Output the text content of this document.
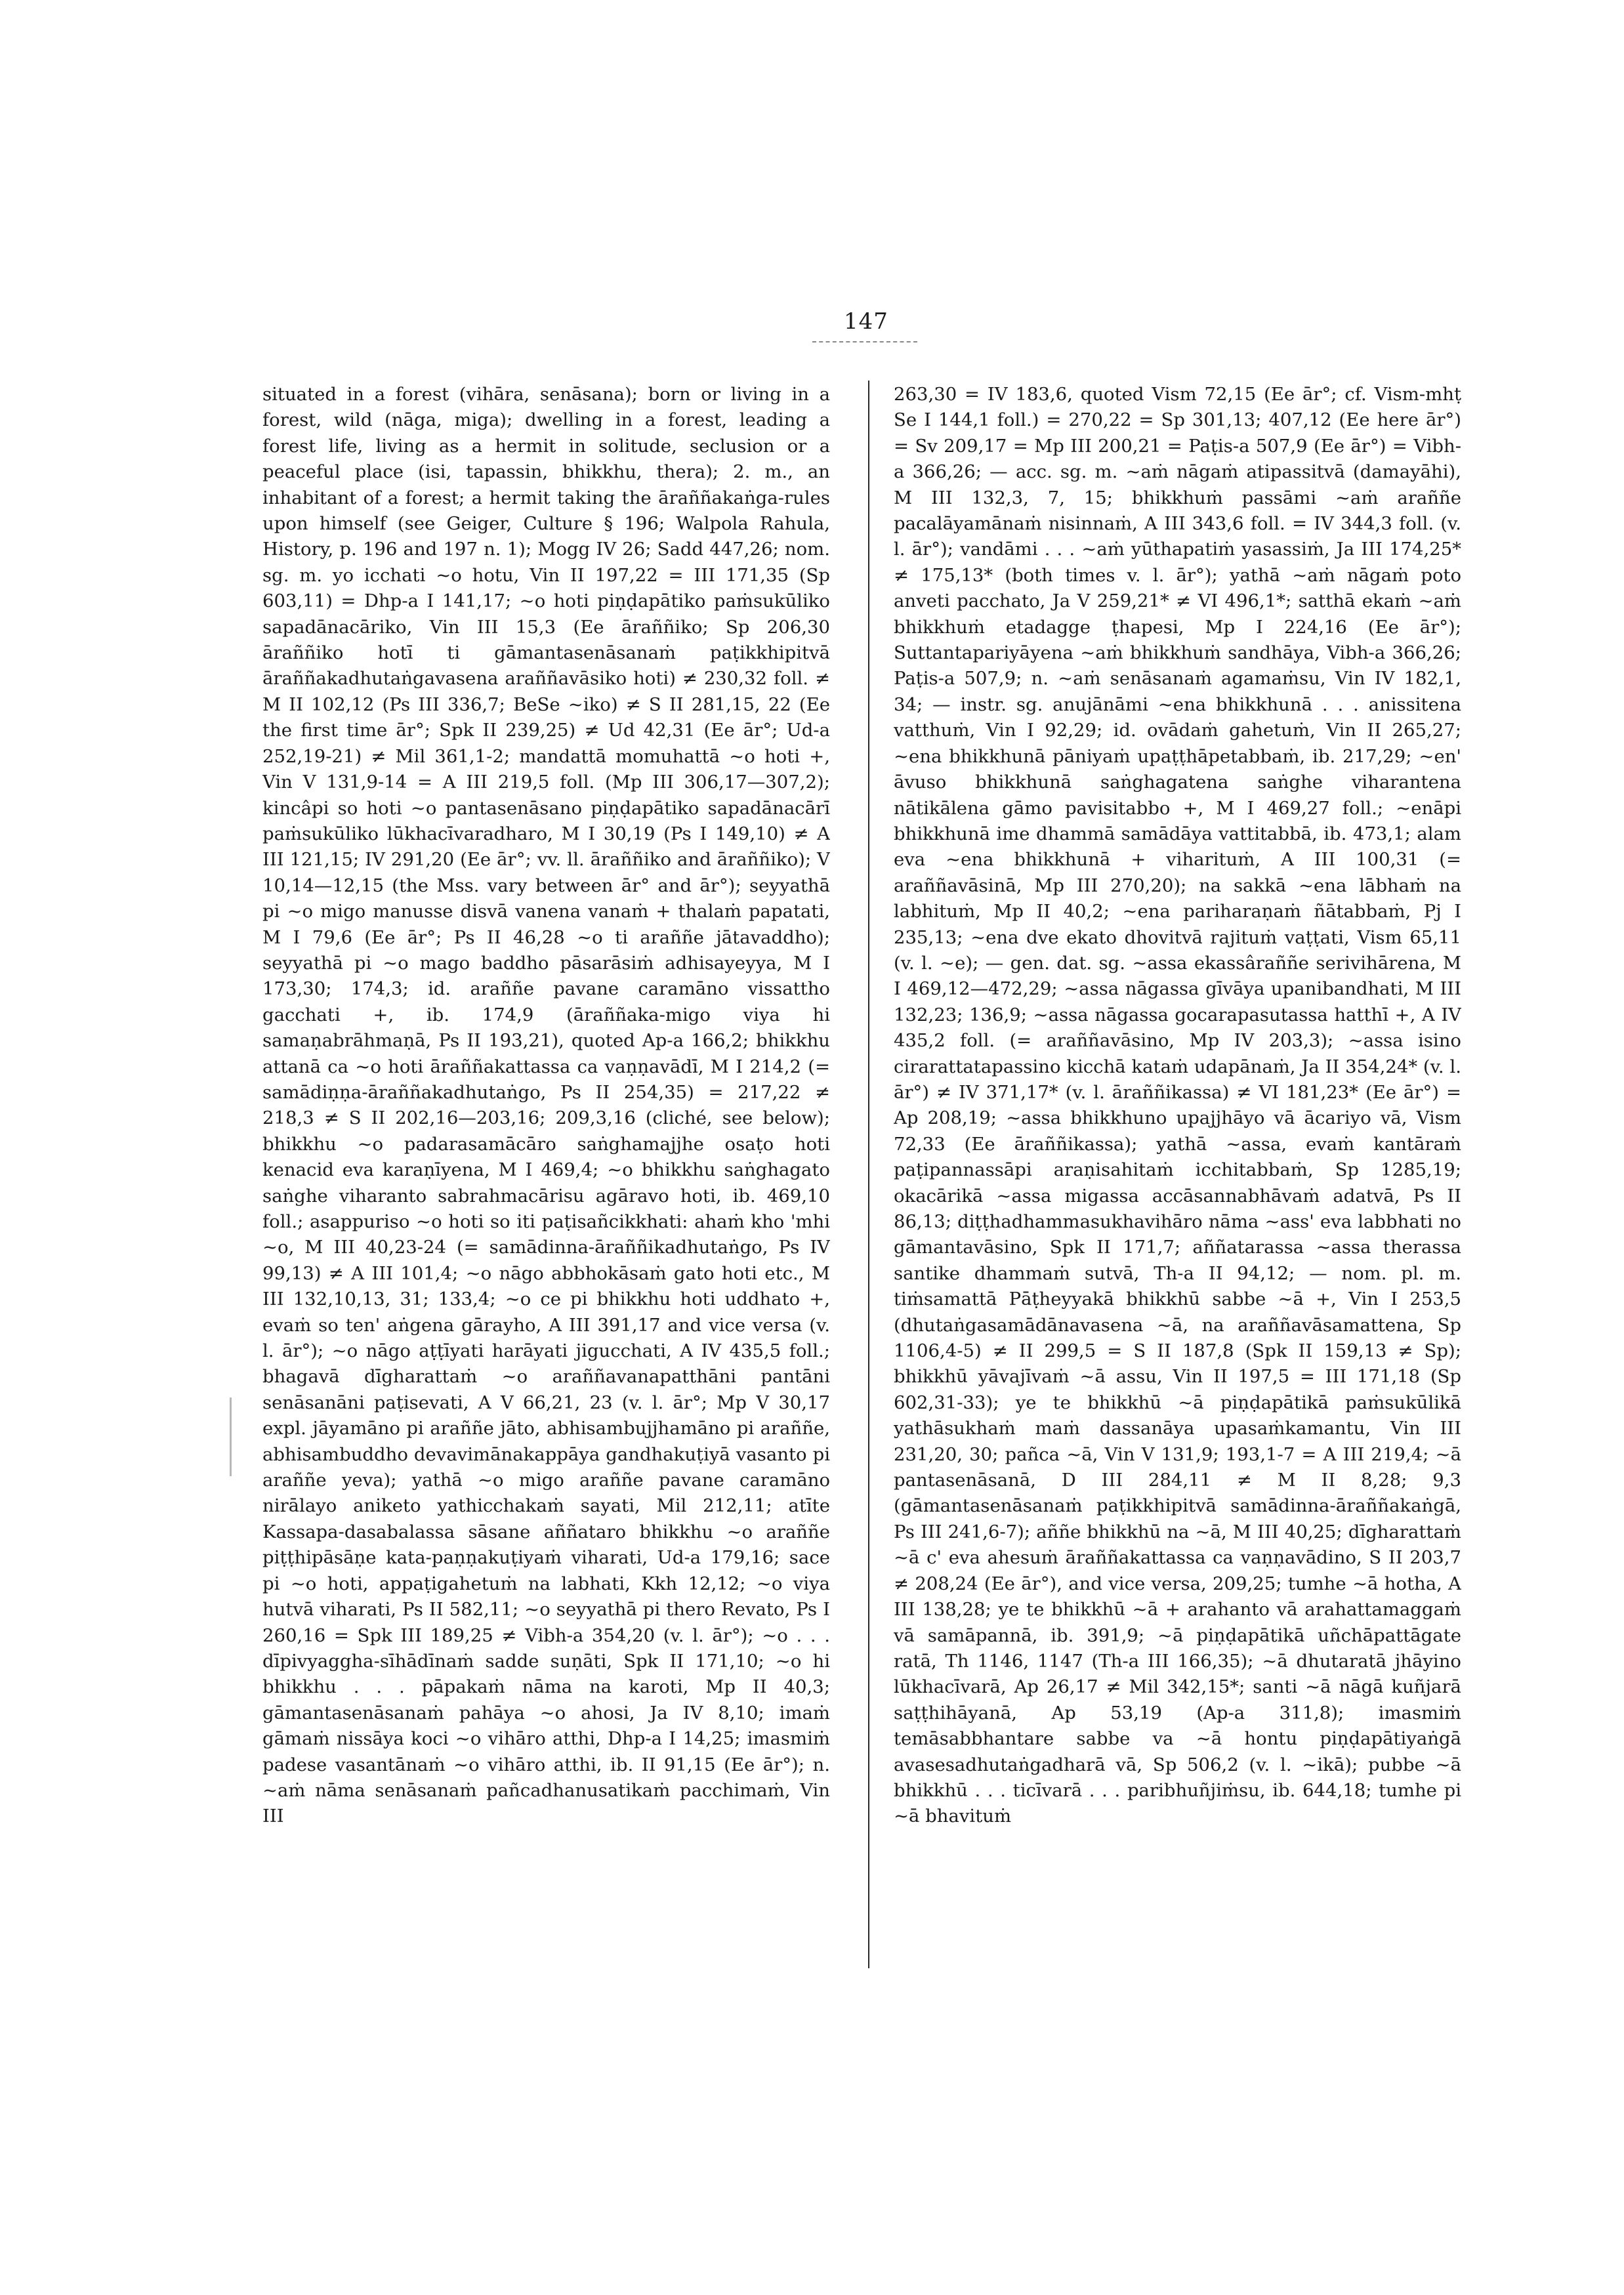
147
situated in a forest (vihāra, senāsana); born or living in a forest, wild (nāga, miga); dwelling in a forest, leading a forest life, living as a hermit in solitude, seclusion or a peaceful place (isi, tapassin, bhikkhu, thera); 2. m., an inhabitant of a forest; a hermit taking the āraññakaṅga-rules upon himself (see Geiger, Culture § 196; Walpola Rahula, History, p. 196 and 197 n. 1); Mogg IV 26; Sadd 447,26; nom. sg. m. yo icchati ~o hotu, Vin II 197,22 = III 171,35 (Sp 603,11) = Dhp-a I 141,17; ~o hoti piṇḍapātiko paṁsukūliko sapadānacāriko, Vin III 15,3 (Ee āraññiko; Sp 206,30 āraññiko hotī ti gāmantasenāsanaṁ paṭikkhipitvā āraññakadhutaṅgavasena araññavāsiko hoti) ≠ 230,32 foll. ≠ M II 102,12 (Ps III 336,7; BeSe ~iko) ≠ S II 281,15, 22 (Ee the first time ār°; Spk II 239,25) ≠ Ud 42,31 (Ee ār°; Ud-a 252,19-21) ≠ Mil 361,1-2; mandattā momuhattā ~o hoti +, Vin V 131,9-14 = A III 219,5 foll. (Mp III 306,17—307,2); kincâpi so hoti ~o pantasenāsano piṇḍapātiko sapadānacārī paṁsukūliko lūkhacīvaradharo, M I 30,19 (Ps I 149,10) ≠ A III 121,15; IV 291,20 (Ee ār°; vv. ll. āraññiko and āraññiko); V 10,14—12,15 (the Mss. vary between ār° and ār°); seyyathā pi ~o migo manusse disvā vanena vanaṁ + thalaṁ papatati, M I 79,6 (Ee ār°; Ps II 46,28 ~o ti araññe jātavaddho); seyyathā pi ~o mago baddho pāsarāsiṁ adhisayeyya, M I 173,30; 174,3; id. araññe pavane caramāno vissattho gacchati +, ib. 174,9 (āraññaka-migo viya hi samaṇabrāhmaṇā, Ps II 193,21), quoted Ap-a 166,2; bhikkhu attanā ca ~o hoti āraññakattassa ca vaṇṇavādī, M I 214,2 (= samādiṇṇa-āraññakadhutaṅgo, Ps II 254,35) = 217,22 ≠ 218,3 ≠ S II 202,16—203,16; 209,3,16 (cliché, see below); bhikkhu ~o padarasamācāro saṅghamajjhe osaṭo hoti kenacid eva karaṇīyena, M I 469,4; ~o bhikkhu saṅghagato saṅghe viharanto sabrahmacārisu agāravo hoti, ib. 469,10 foll.; asappuriso ~o hoti so iti paṭisañcikkhati: ahaṁ kho 'mhi ~o, M III 40,23-24 (= samādinna-āraññikadhutaṅgo, Ps IV 99,13) ≠ A III 101,4; ~o nāgo abbhokāsaṁ gato hoti etc., M III 132,10,13, 31; 133,4; ~o ce pi bhikkhu hoti uddhato +, evaṁ so ten' aṅgena gārayho, A III 391,17 and vice versa (v. l. ār°); ~o nāgo aṭṭīyati harāyati jigucchati, A IV 435,5 foll.; bhagavā dīgharattaṁ ~o araññavanapatthāni pantāni senāsanāni paṭisevati, A V 66,21, 23 (v. l. ār°; Mp V 30,17 expl. jāyamāno pi araññe jāto, abhisambujjhamāno pi araññe, abhisambuddho devavimānakappāya gandhakuṭiyā vasanto pi araññe yeva); yathā ~o migo araññe pavane caramāno nirālayo aniketo yathicchakaṁ sayati, Mil 212,11; atīte Kassapa-dasabalassa sāsane aññataro bhikkhu ~o araññe piṭṭhipāsāṇe kata-paṇṇakuṭiyaṁ viharati, Ud-a 179,16; sace pi ~o hoti, appaṭigahetuṁ na labhati, Kkh 12,12; ~o viya hutvā viharati, Ps II 582,11; ~o seyyathā pi thero Revato, Ps I 260,16 = Spk III 189,25 ≠ Vibh-a 354,20 (v. l. ār°); ~o . . . dīpivyaggha-sīhādīnaṁ sadde suṇāti, Spk II 171,10; ~o hi bhikkhu . . . pāpakaṁ nāma na karoti, Mp II 40,3; gāmantasenāsanaṁ pahāya ~o ahosi, Ja IV 8,10; imaṁ gāmaṁ nissāya koci ~o vihāro atthi, Dhp-a I 14,25; imasmiṁ padese vasantānaṁ ~o vihāro atthi, ib. II 91,15 (Ee ār°); n. ~aṁ nāma senāsanaṁ pañcadhanusatikaṁ pacchimaṁ, Vin III
263,30 = IV 183,6, quoted Vism 72,15 (Ee ār°; cf. Vism-mhṭ Se I 144,1 foll.) = 270,22 = Sp 301,13; 407,12 (Ee here ār°) = Sv 209,17 = Mp III 200,21 = Paṭis-a 507,9 (Ee ār°) = Vibh-a 366,26; — acc. sg. m. ~aṁ nāgaṁ atipassitvā (damayāhi), M III 132,3, 7, 15; bhikkhuṁ passāmi ~aṁ araññe pacalāyamānaṁ nisinnaṁ, A III 343,6 foll. = IV 344,3 foll. (v. l. ār°); vandāmi . . . ~aṁ yūthapatiṁ yasassiṁ, Ja III 174,25* ≠ 175,13* (both times v. l. ār°); yathā ~aṁ nāgaṁ poto anveti pacchato, Ja V 259,21* ≠ VI 496,1*; satthā ekaṁ ~aṁ bhikkhuṁ etadagge ṭhapesi, Mp I 224,16 (Ee ār°); Suttantapariyāyena ~aṁ bhikkhuṁ sandhāya, Vibh-a 366,26; Paṭis-a 507,9; n. ~aṁ senāsanaṁ agamaṁsu, Vin IV 182,1, 34; — instr. sg. anujānāmi ~ena bhikkhunā . . . anissitena vatthuṁ, Vin I 92,29; id. ovādaṁ gahetuṁ, Vin II 265,27; ~ena bhikkhunā pāniyaṁ upaṭṭhāpetabbaṁ, ib. 217,29; ~en' āvuso bhikkhunā saṅghagatena saṅghe viharantena nātikālena gāmo pavisitabbo +, M I 469,27 foll.; ~enāpi bhikkhunā ime dhammā samādāya vattitabbā, ib. 473,1; alam eva ~ena bhikkhunā + viharituṁ, A III 100,31 (= araññavāsinā, Mp III 270,20); na sakkā ~ena lābhaṁ na labhituṁ, Mp II 40,2; ~ena pariharaṇaṁ ñātabbaṁ, Pj I 235,13; ~ena dve ekato dhovitvā rajituṁ vaṭṭati, Vism 65,11 (v. l. ~e); — gen. dat. sg. ~assa ekassâraññe serivihārena, M I 469,12—472,29; ~assa nāgassa gīvāya upanibandhati, M III 132,23; 136,9; ~assa nāgassa gocarapasutassa hatthī +, A IV 435,2 foll. (= araññavāsino, Mp IV 203,3); ~assa isino cirarattatapassino kicchā kataṁ udapānaṁ, Ja II 354,24* (v. l. ār°) ≠ IV 371,17* (v. l. āraññikassa) ≠ VI 181,23* (Ee ār°) = Ap 208,19; ~assa bhikkhuno upajjhāyo vā ācariyo vā, Vism 72,33 (Ee āraññikassa); yathā ~assa, evaṁ kantāraṁ paṭipannassāpi araṇisahitaṁ icchitabbaṁ, Sp 1285,19; okacārikā ~assa migassa accāsannabhāvaṁ adatvā, Ps II 86,13; diṭṭhadhammasukhavihāro nāma ~ass' eva labbhati no gāmantavāsino, Spk II 171,7; aññatarassa ~assa therassa santike dhammaṁ sutvā, Th-a II 94,12; — nom. pl. m. tiṁsamattā Pāṭheyyakā bhikkhū sabbe ~ā +, Vin I 253,5 (dhutaṅgasamādānavasena ~ā, na araññavāsamattena, Sp 1106,4-5) ≠ II 299,5 = S II 187,8 (Spk II 159,13 ≠ Sp); bhikkhū yāvajīvaṁ ~ā assu, Vin II 197,5 = III 171,18 (Sp 602,31-33); ye te bhikkhū ~ā piṇḍapātikā paṁsukūlikā yathāsukhaṁ maṁ dassanāya upasaṁkamantu, Vin III 231,20, 30; pañca ~ā, Vin V 131,9; 193,1-7 = A III 219,4; ~ā pantasenāsanā, D III 284,11 ≠ M II 8,28; 9,3 (gāmantasenāsanaṁ paṭikkhipitvā samādinna-āraññakaṅgā, Ps III 241,6-7); aññe bhikkhū na ~ā, M III 40,25; dīgharattaṁ ~ā c' eva ahesuṁ āraññakattassa ca vaṇṇavādino, S II 203,7 ≠ 208,24 (Ee ār°), and vice versa, 209,25; tumhe ~ā hotha, A III 138,28; ye te bhikkhū ~ā + arahanto vā arahattamaggaṁ vā samāpannā, ib. 391,9; ~ā piṇḍapātikā uñchāpattāgate ratā, Th 1146, 1147 (Th-a III 166,35); ~ā dhutaratā jhāyino lūkhacīvarā, Ap 26,17 ≠ Mil 342,15*; santi ~ā nāgā kuñjarā saṭṭhihāyanā, Ap 53,19 (Ap-a 311,8); imasmiṁ temāsabbhantare sabbe va ~ā hontu piṇḍapātiyaṅgā avasesadhutaṅgadharā vā, Sp 506,2 (v. l. ~ikā); pubbe ~ā bhikkhū . . . ticīvarā . . . paribhuñjiṁsu, ib. 644,18; tumhe pi ~ā bhavituṁ
